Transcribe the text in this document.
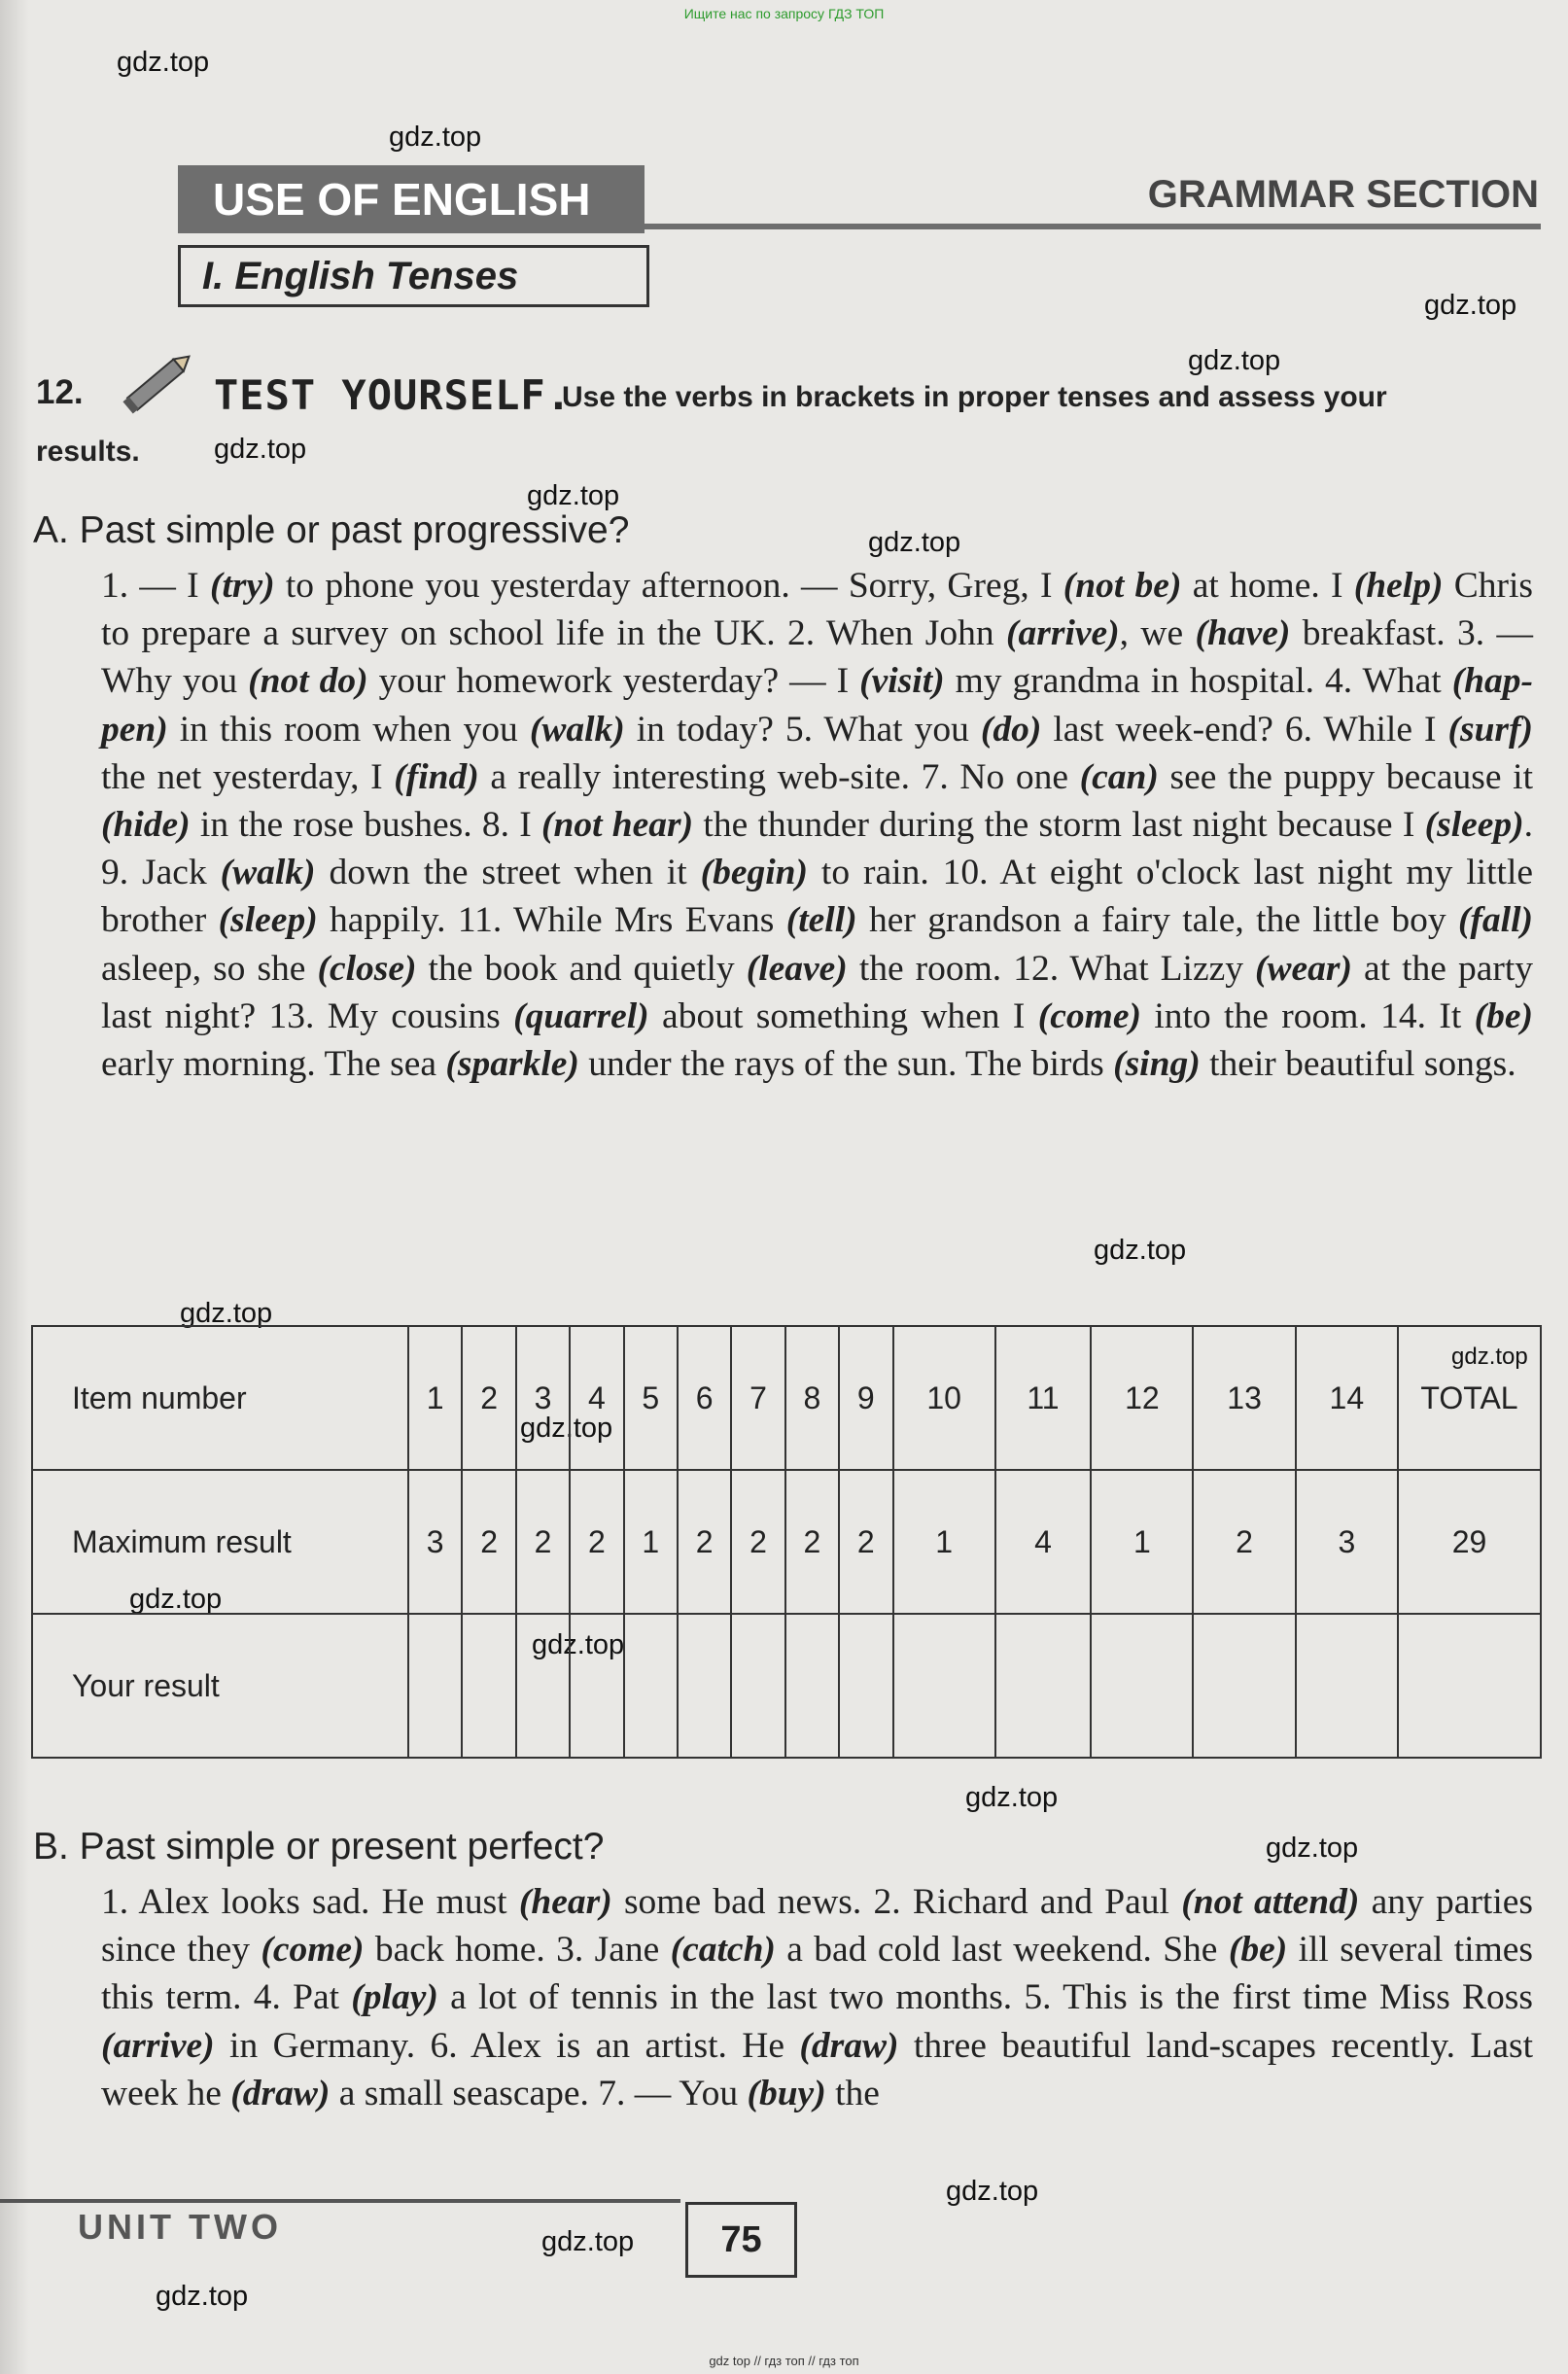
Ищите нас по запросу ГДЗ ТОП
gdz.top
gdz.top
gdz.top
gdz.top
gdz.top
gdz.top
gdz.top
gdz.top
gdz.top
gdz.top
gdz.top
gdz.top
gdz.top
gdz.top
gdz.top
gdz.top
gdz.top
gdz.top
USE OF ENGLISH	GRAMMAR SECTION
I. English Tenses
12.	TEST YOURSELF.
Use the verbs in brackets in proper tenses and assess your
results.
A. Past simple or past progressive?
1. — I (try) to phone you yesterday afternoon. — Sorry, Greg, I (not be) at home. I (help) Chris to prepare a survey on school life in the UK. 2. When John (arrive), we (have) breakfast. 3. — Why you (not do) your homework yesterday? — I (visit) my grandma in hospital. 4. What (hap-pen) in this room when you (walk) in today? 5. What you (do) last week-end? 6. While I (surf) the net yesterday, I (find) a really interesting web-site. 7. No one (can) see the puppy because it (hide) in the rose bushes. 8. I (not hear) the thunder during the storm last night because I (sleep). 9. Jack (walk) down the street when it (begin) to rain. 10. At eight o'clock last night my little brother (sleep) happily. 11. While Mrs Evans (tell) her grandson a fairy tale, the little boy (fall) asleep, so she (close) the book and quietly (leave) the room. 12. What Lizzy (wear) at the party last night? 13. My cousins (quarrel) about something when I (come) into the room. 14. It (be) early morning. The sea (sparkle) under the rays of the sun. The birds (sing) their beautiful songs.
Item number	1	2	3	4	5	6	7	8	9	10	11	12	13	14	TOTAL
Maximum result	3	2	2	2	1	2	2	2	2	1	4	1	2	3	29
Your result															
B. Past simple or present perfect?
1. Alex looks sad. He must (hear) some bad news. 2. Richard and Paul (not attend) any parties since they (come) back home. 3. Jane (catch) a bad cold last weekend. She (be) ill several times this term. 4. Pat (play) a lot of tennis in the last two months. 5. This is the first time Miss Ross (arrive) in Germany. 6. Alex is an artist. He (draw) three beautiful land-scapes recently. Last week he (draw) a small seascape. 7. — You (buy) the
UNIT TWO	75
gdz top // гдз топ // гдз топ
